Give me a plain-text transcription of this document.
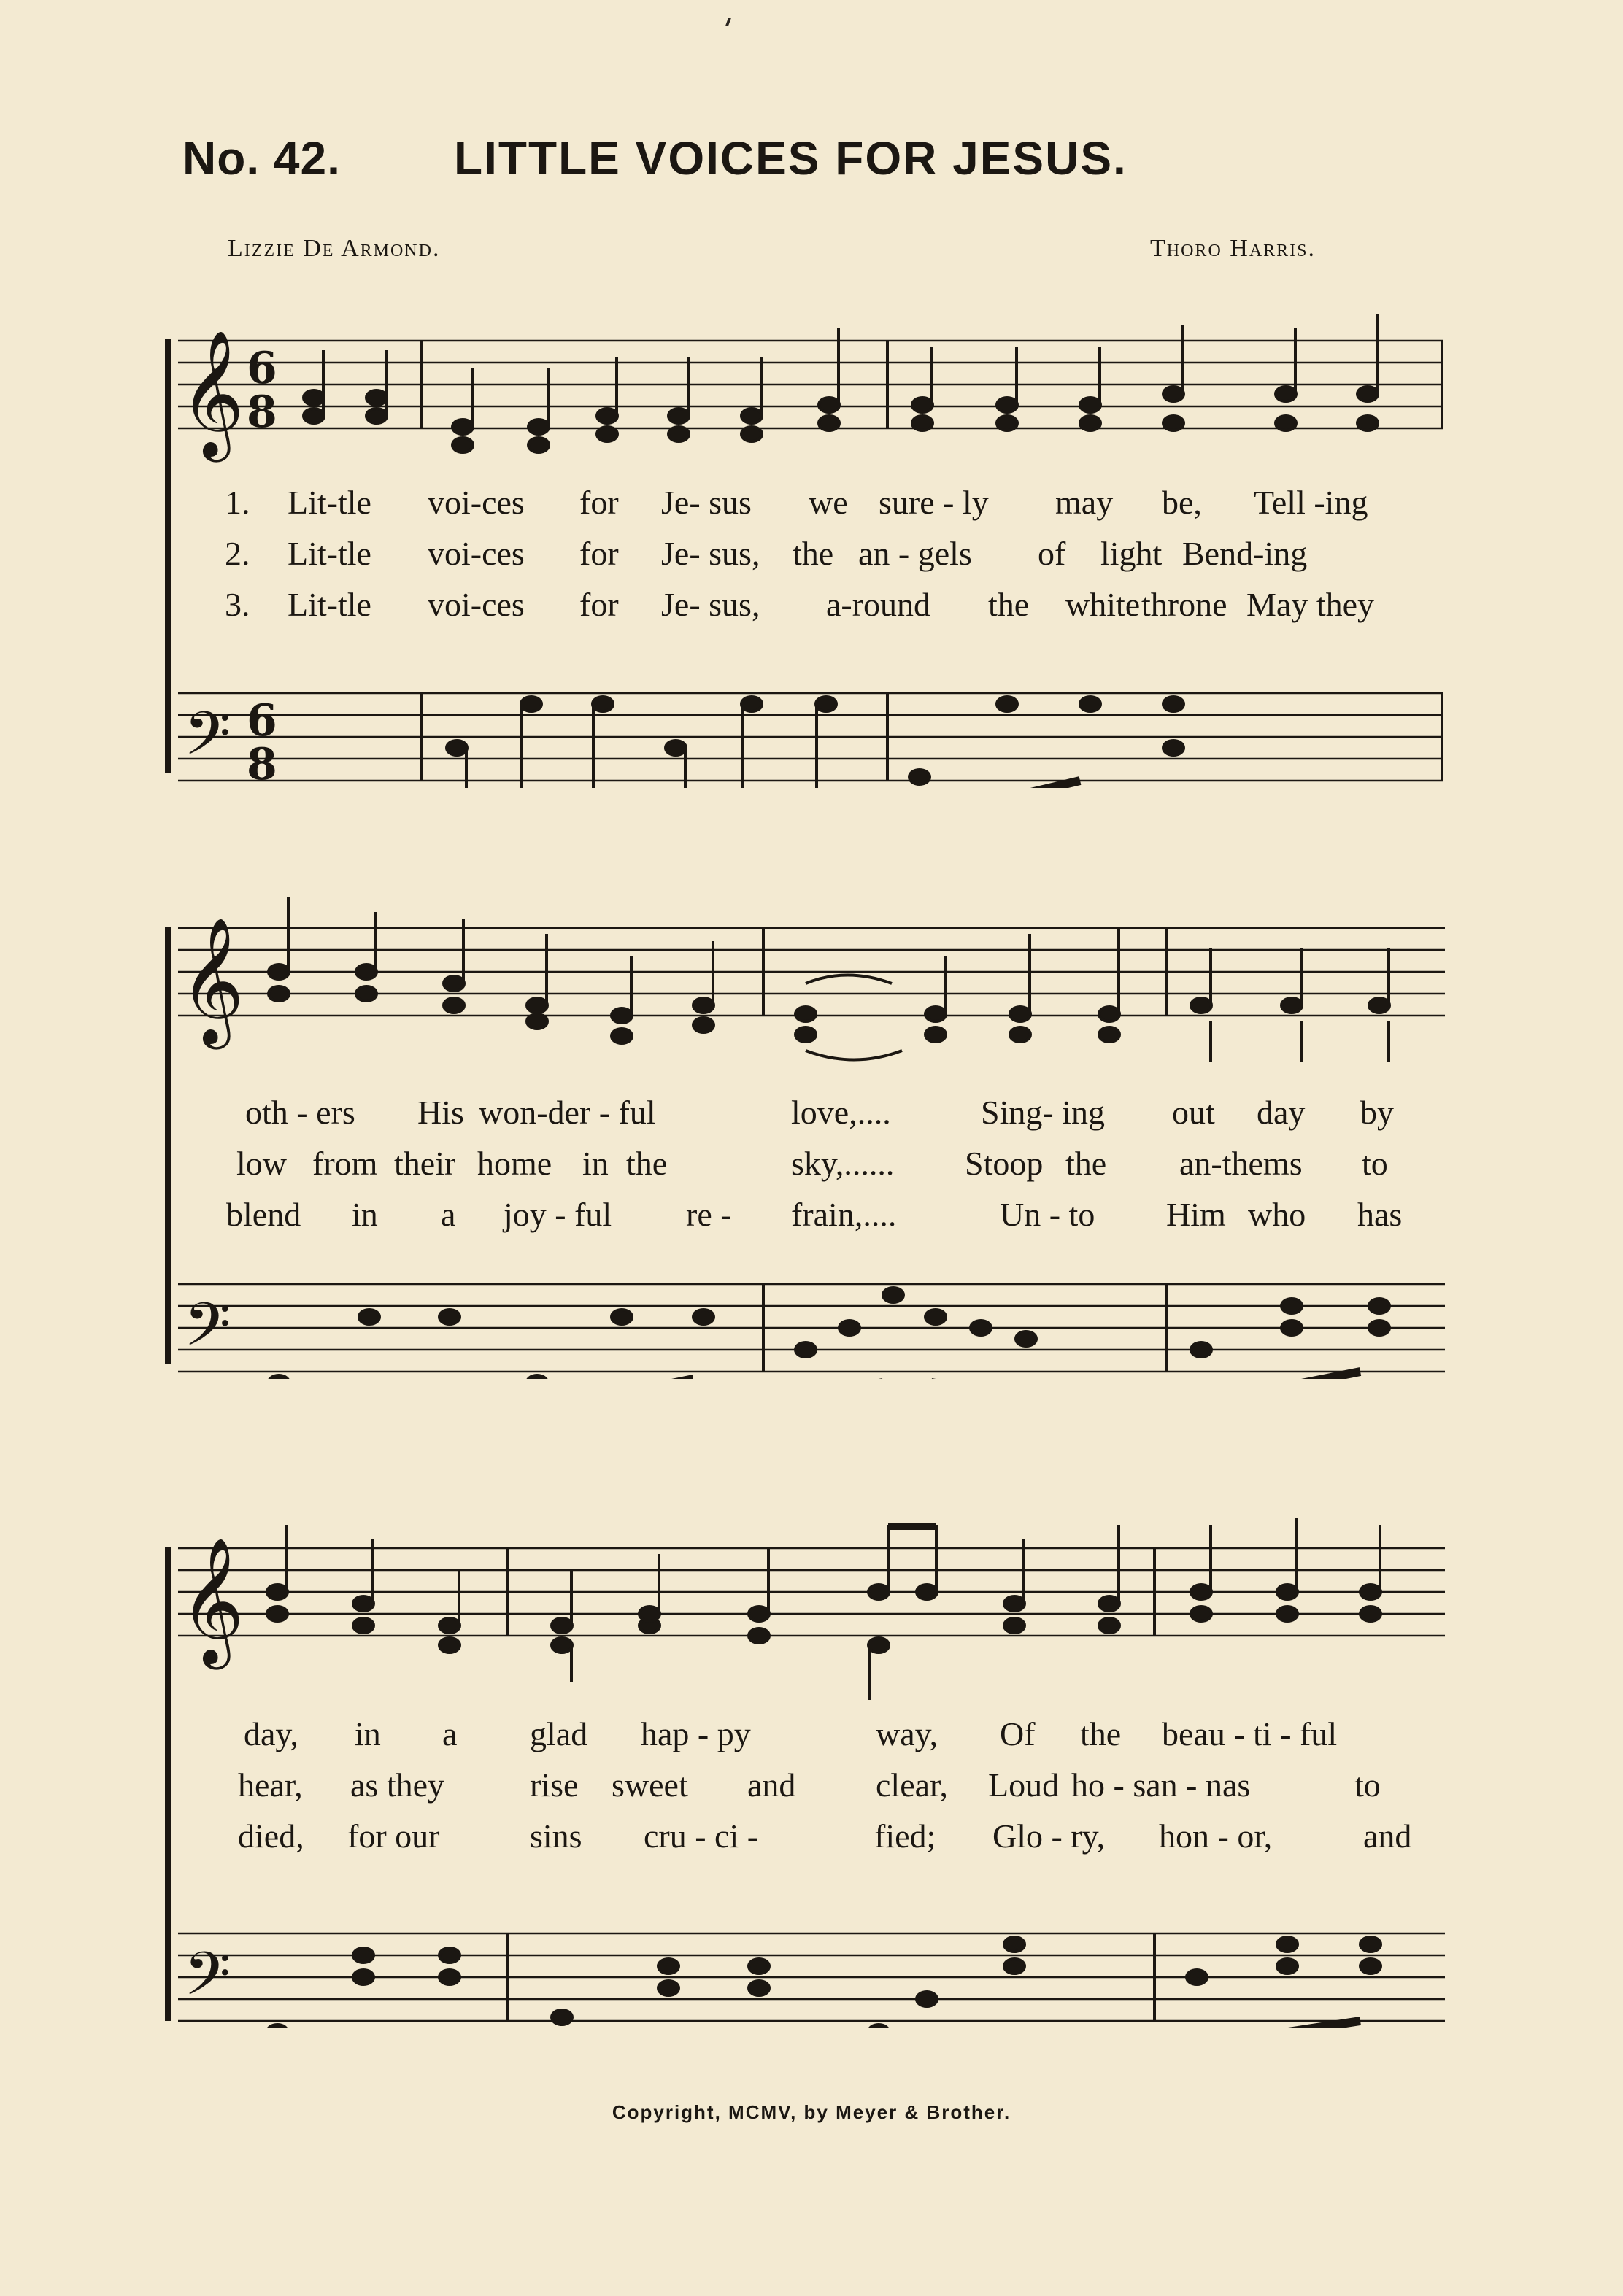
No. 42. LITTLE VOICES FOR JESUS.
Lizzie De Armond.	Thoro Harris.
𝄞
𝄢
6
8
6
8
1. Lit-tle voi-ces for Je- sus we sure - ly may be, Tell -ing
2. Lit-tle voi-ces for Je- sus, the an - gels of light Bend-ing
3. Lit-tle voi-ces for Je- sus, a-round the white throne May they
𝄞
𝄢
oth - ers His won-der - ful	love,....	Sing- ing out day by
low from their home in the	sky,...... Stoop the an-thems to
blend in a joy - ful re - frain,....	Un - to Him who has
𝄞
𝄢
day, in a glad hap - py	way, Of the beau - ti - ful
hear, as they	rise sweet and clear, Loud ho - san - nas	to
died, for our	sins cru - ci -	fied; Glo - ry, hon - or,	and
Copyright, MCMV, by Meyer & Brother.
